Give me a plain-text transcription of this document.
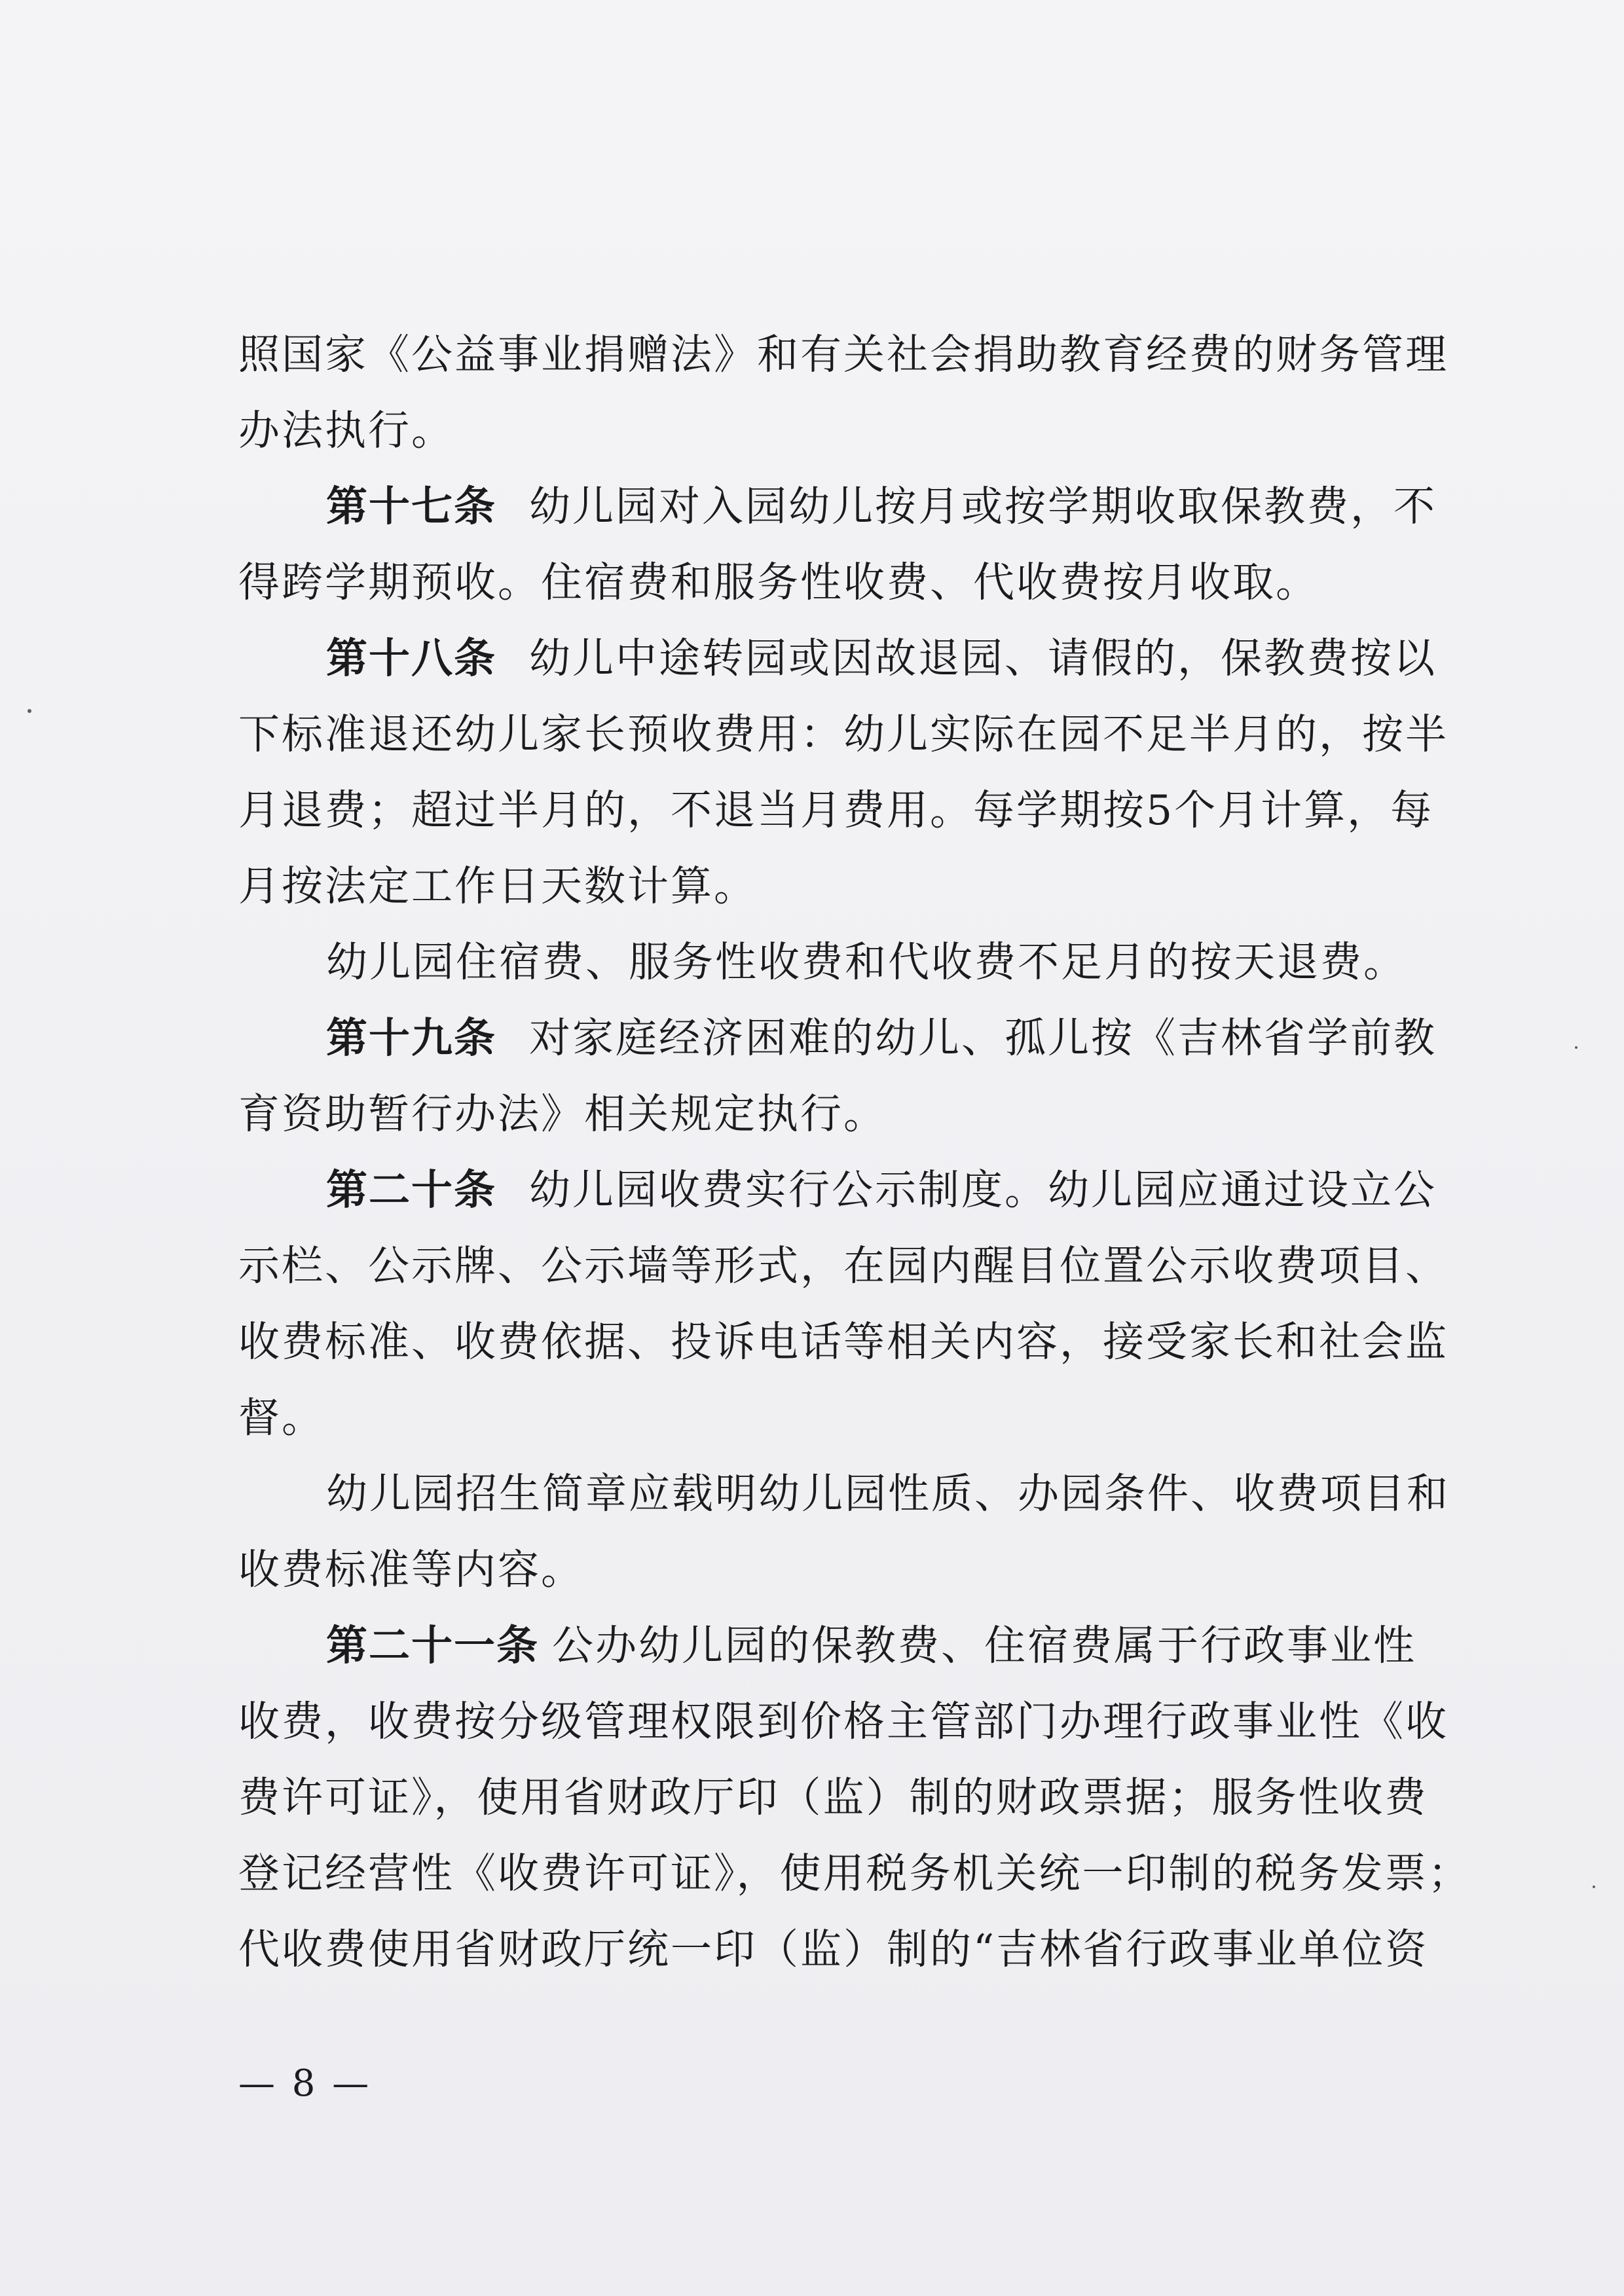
照国家《公益事业捐赠法》和有关社会捐助教育经费的财务管理
办法执行。

第十七条 幼儿园对入园幼儿按月或按学期收取保教费，不
得跨学期预收。住宿费和服务性收费、代收费按月收取。

第十八条 幼儿中途转园或因故退园、请假的，保教费按以
下标准退还幼儿家长预收费用：幼儿实际在园不足半月的，按半
月退费；超过半月的，不退当月费用。每学期按5个月计算，每
月按法定工作日天数计算。

幼儿园住宿费、服务性收费和代收费不足月的按天退费。

第十九条 对家庭经济困难的幼儿、孤儿按《吉林省学前教
育资助暂行办法》相关规定执行。

第二十条 幼儿园收费实行公示制度。幼儿园应通过设立公
示栏、公示牌、公示墙等形式，在园内醒目位置公示收费项目、
收费标准、收费依据、投诉电话等相关内容，接受家长和社会监
督。

幼儿园招生简章应载明幼儿园性质、办园条件、收费项目和
收费标准等内容。

第二十一条 公办幼儿园的保教费、住宿费属于行政事业性
收费，收费按分级管理权限到价格主管部门办理行政事业性《收
费许可证》，使用省财政厅印（监）制的财政票据；服务性收费
登记经营性《收费许可证》，使用税务机关统一印制的税务发票；
代收费使用省财政厅统一印（监）制的“吉林省行政事业单位资

— 8 —
